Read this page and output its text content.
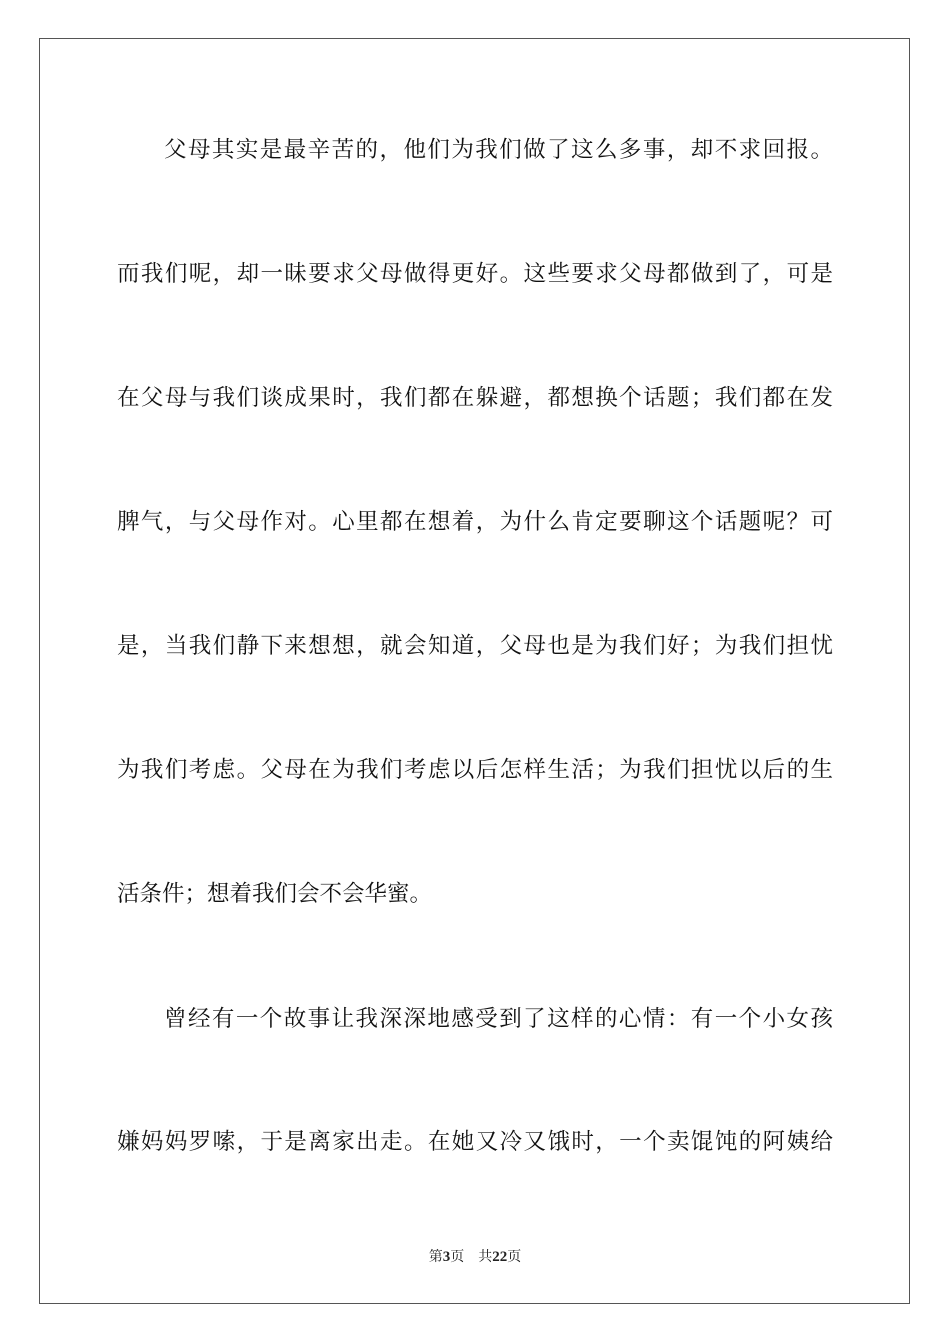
父母其实是最辛苦的，他们为我们做了这么多事，却不求回报。
而我们呢，却一昧要求父母做得更好。这些要求父母都做到了，可是
在父母与我们谈成果时，我们都在躲避，都想换个话题；我们都在发
脾气，与父母作对。心里都在想着，为什么肯定要聊这个话题呢？可
是，当我们静下来想想，就会知道，父母也是为我们好；为我们担忧
为我们考虑。父母在为我们考虑以后怎样生活；为我们担忧以后的生
活条件；想着我们会不会华蜜。
曾经有一个故事让我深深地感受到了这样的心情：有一个小女孩
嫌妈妈罗嗦，于是离家出走。在她又冷又饿时，一个卖馄饨的阿姨给
第3页 共22页
